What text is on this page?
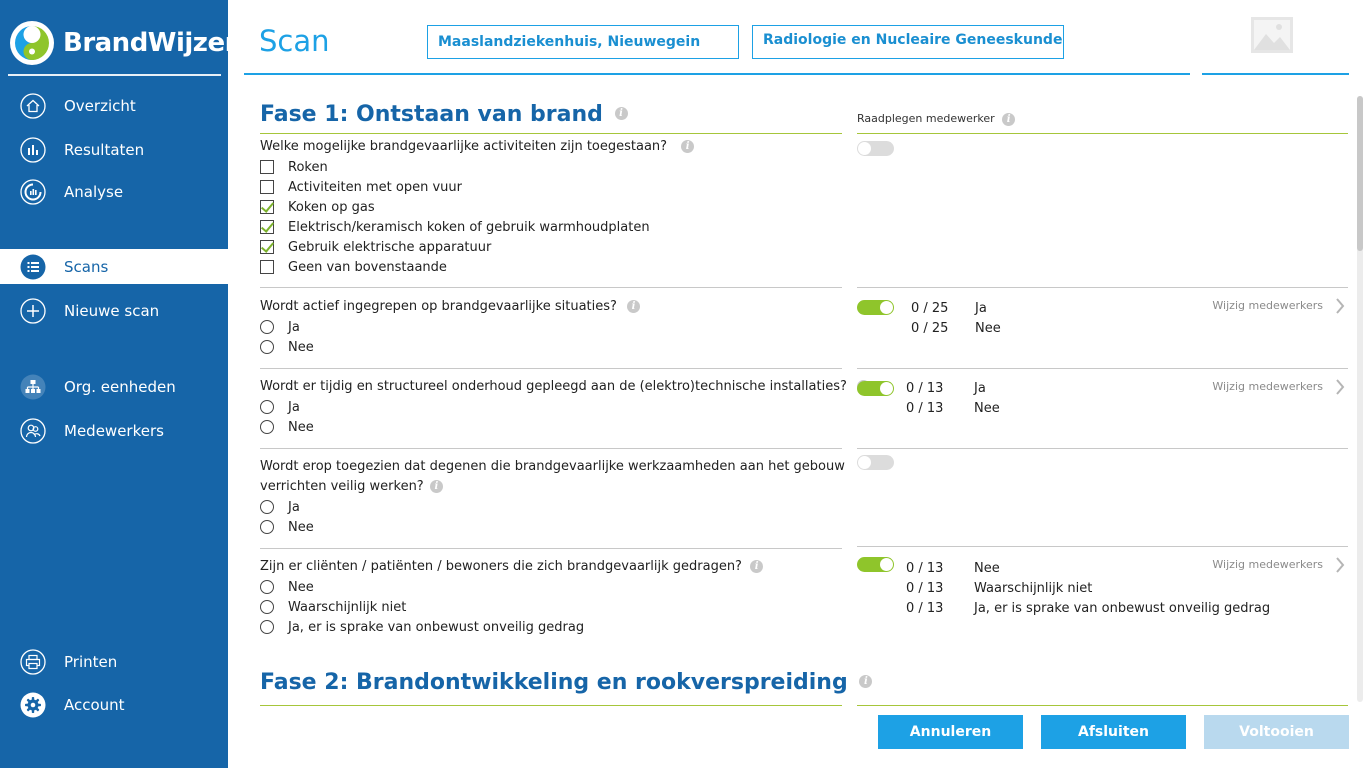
BrandWijzer
Overzicht
Resultaten
Analyse
Scans
Nieuwe scan
Org. eenheden
Medewerkers
Printen
Account
Scan	Maaslandziekenhuis, Nieuwegein	Radiologie en Nucleaire Geneeskunde
Fase 1: Ontstaan van brand i	Raadplegen medewerker i
Welke mogelijke brandgevaarlijke activiteiten zijn toegestaan? i
Roken
Activiteiten met open vuur
Koken op gas
Elektrisch/keramisch koken of gebruik warmhoudplaten
Gebruik elektrische apparatuur
Geen van bovenstaande
Wordt actief ingegrepen op brandgevaarlijke situaties? i
Ja
Nee
0 / 25	Ja
0 / 25	Nee
Wijzig medewerkers
Wordt er tijdig en structureel onderhoud gepleegd aan de (elektro)technische installaties?
Ja
Nee
0 / 13	Ja
0 / 13	Nee
Wijzig medewerkers
Wordt erop toegezien dat degenen die brandgevaarlijke werkzaamheden aan het gebouw
verrichten veilig werken? i
Ja
Nee
Zijn er cliënten / patiënten / bewoners die zich brandgevaarlijk gedragen? i
Nee
Waarschijnlijk niet
Ja, er is sprake van onbewust onveilig gedrag
0 / 13	Nee
0 / 13	Waarschijnlijk niet
0 / 13	Ja, er is sprake van onbewust onveilig gedrag
Wijzig medewerkers
Fase 2: Brandontwikkeling en rookverspreiding i
Annuleren	Afsluiten	Voltooien
